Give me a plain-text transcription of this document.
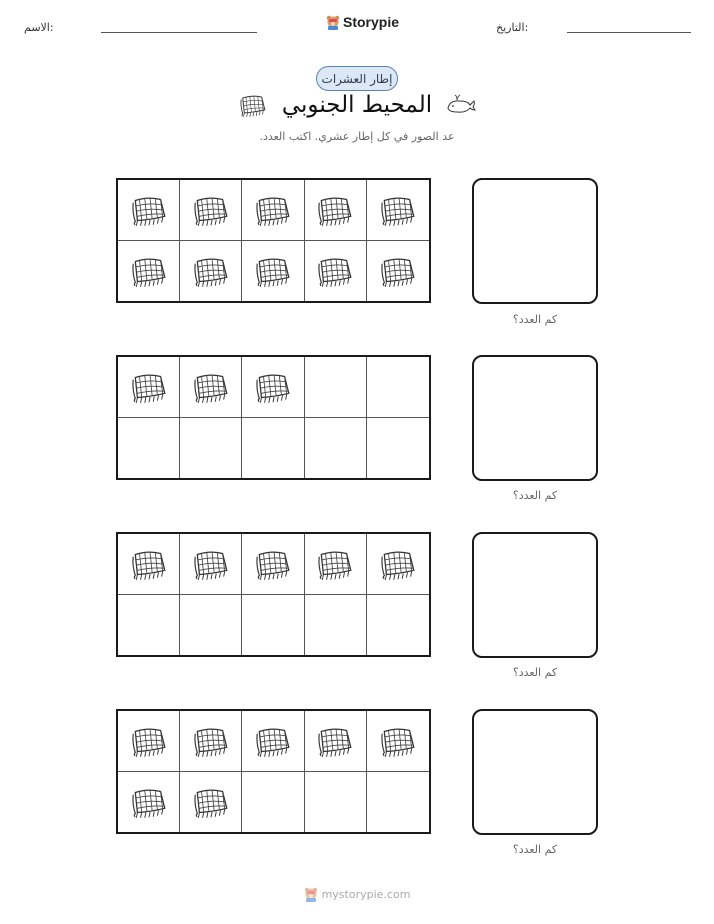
التاريخ:
Storypie
الاسم:
إطار العشرات
المحيط الجنوبي
عد الصور في كل إطار عشري. اكتب العدد.
كم العدد؟
كم العدد؟
كم العدد؟
كم العدد؟
mystorypie.com
